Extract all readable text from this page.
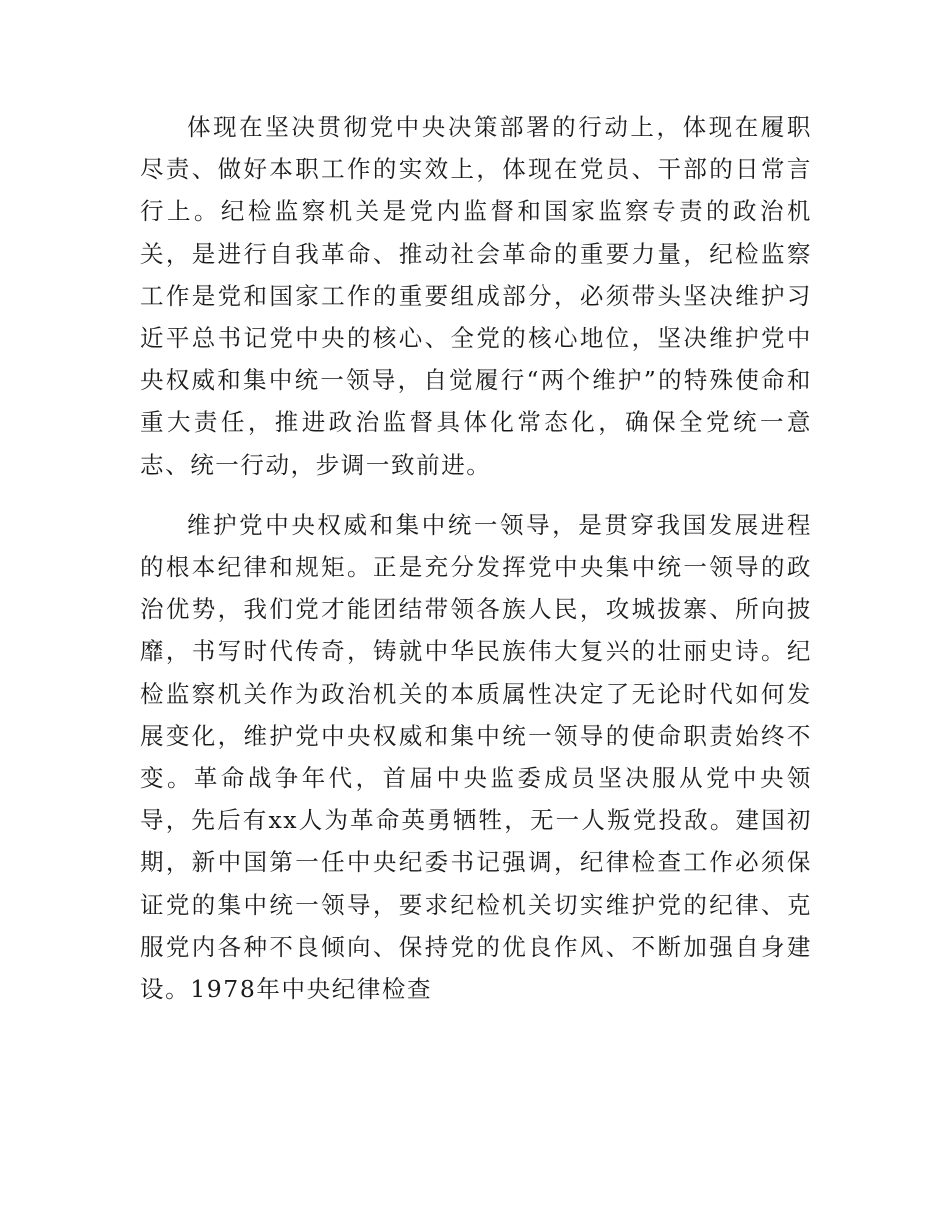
体现在坚决贯彻党中央决策部署的行动上，体现在履职尽责、做好本职工作的实效上，体现在党员、干部的日常言行上。纪检监察机关是党内监督和国家监察专责的政治机关，是进行自我革命、推动社会革命的重要力量，纪检监察工作是党和国家工作的重要组成部分，必须带头坚决维护习近平总书记党中央的核心、全党的核心地位，坚决维护党中央权威和集中统一领导，自觉履行“两个维护”的特殊使命和重大责任，推进政治监督具体化常态化，确保全党统一意志、统一行动，步调一致前进。

维护党中央权威和集中统一领导，是贯穿我国发展进程的根本纪律和规矩。正是充分发挥党中央集中统一领导的政治优势，我们党才能团结带领各族人民，攻城拔寨、所向披靡，书写时代传奇，铸就中华民族伟大复兴的壮丽史诗。纪检监察机关作为政治机关的本质属性决定了无论时代如何发展变化，维护党中央权威和集中统一领导的使命职责始终不变。革命战争年代，首届中央监委成员坚决服从党中央领导，先后有xx人为革命英勇牺牲，无一人叛党投敌。建国初期，新中国第一任中央纪委书记强调，纪律检查工作必须保证党的集中统一领导，要求纪检机关切实维护党的纪律、克服党内各种不良倾向、保持党的优良作风、不断加强自身建设。1978年中央纪律检查
